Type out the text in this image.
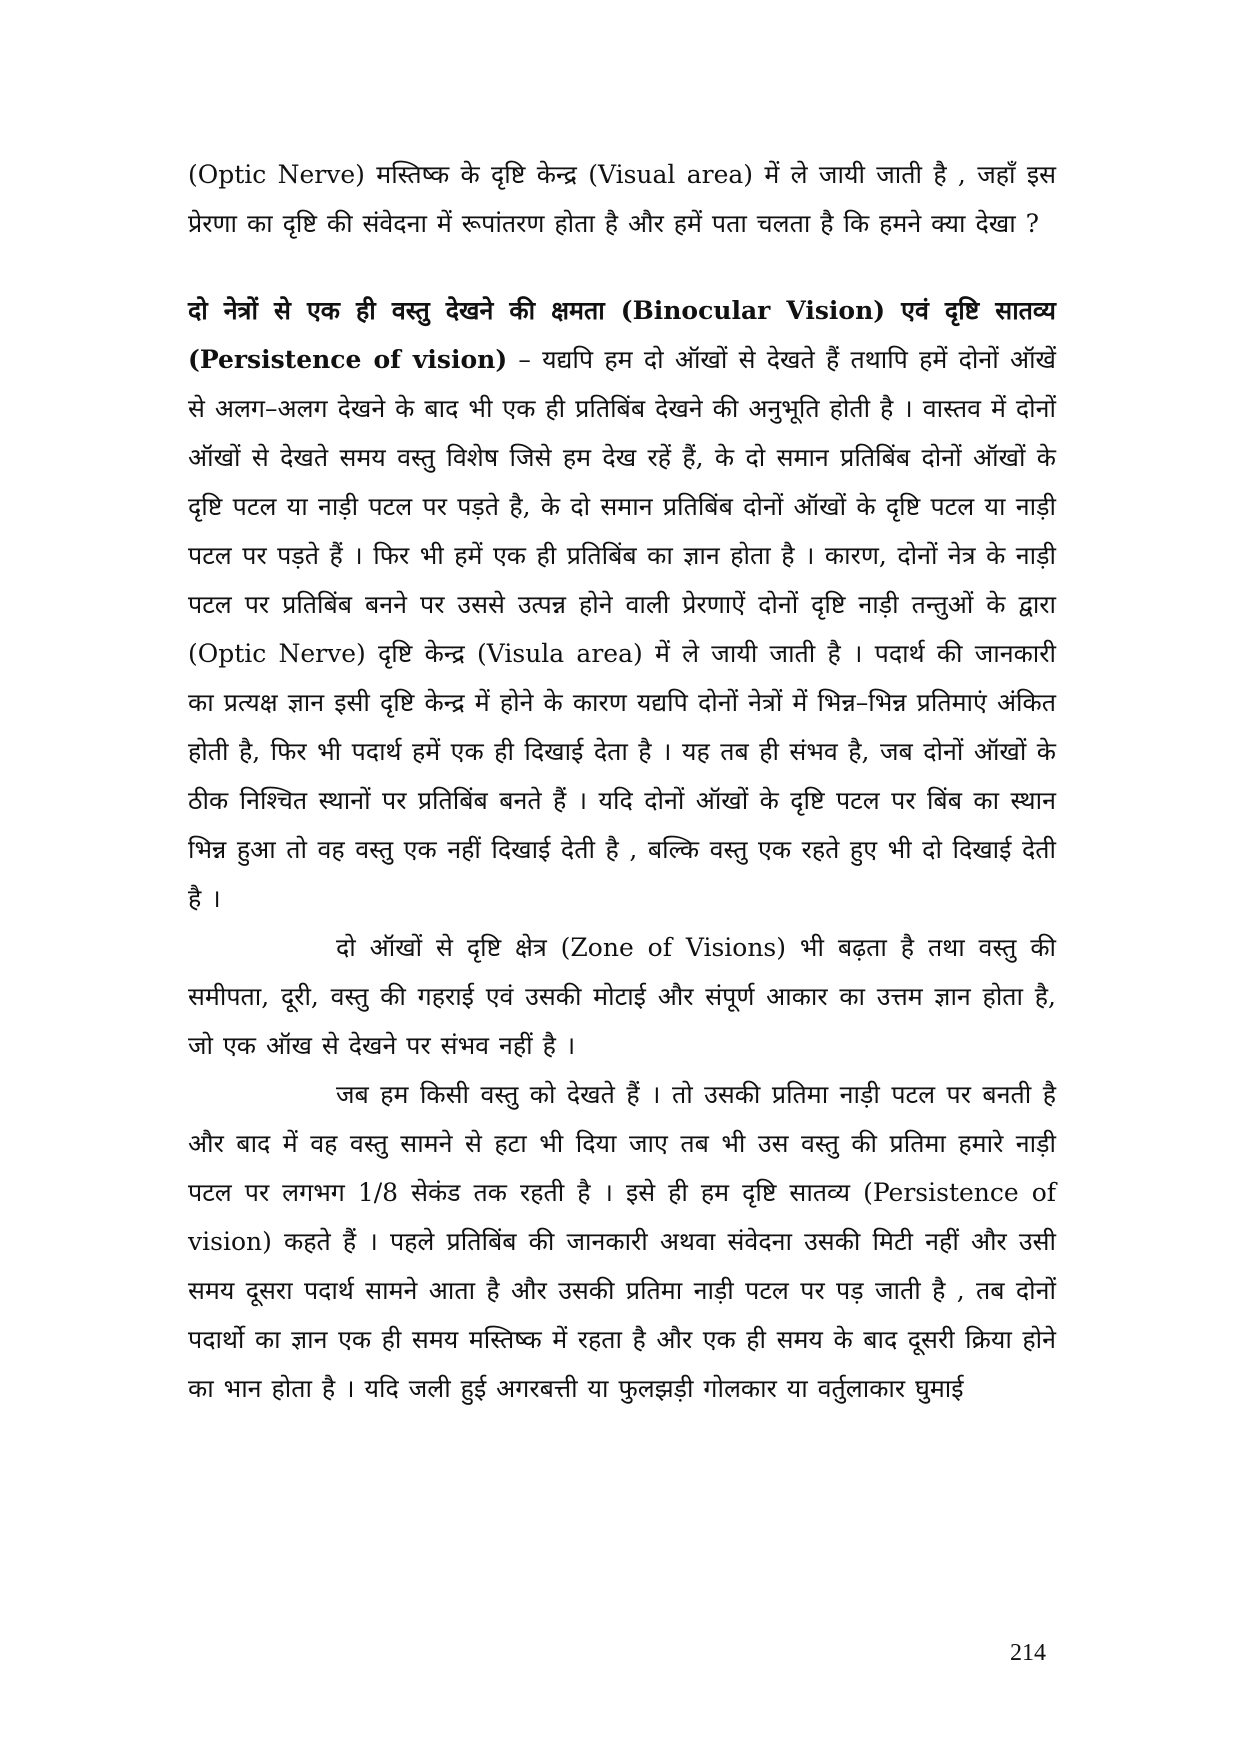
(Optic Nerve) मस्तिष्क के दृष्टि केन्द्र (Visual area) में ले जायी जाती है , जहॉं इस प्रेरणा का दृष्टि की संवेदना में रूपांतरण होता है और हमें पता चलता है कि हमने क्या देखा ?

दो नेत्रों से एक ही वस्तु देखने की क्षमता (Binocular Vision) एवं दृष्टि सातव्य (Persistence of vision) – यद्यपि हम दो ऑखों से देखते हैं तथापि हमें दोनों ऑखें से अलग–अलग देखने के बाद भी एक ही प्रतिबिंब देखने की अनुभूति होती है । वास्तव में दोनों ऑखों से देखते समय वस्तु विशेष जिसे हम देख रहें हैं, के दो समान प्रतिबिंब दोनों ऑखों के दृष्टि पटल या नाड़ी पटल पर पड़ते है, के दो समान प्रतिबिंब दोनों ऑखों के दृष्टि पटल या नाड़ी पटल पर पड़ते हैं । फिर भी हमें एक ही प्रतिबिंब का ज्ञान होता है । कारण, दोनों नेत्र के नाड़ी पटल पर प्रतिबिंब बनने पर उससे उत्पन्न होने वाली प्रेरणाऐं दोनों दृष्टि नाड़ी तन्तुओं के द्वारा (Optic Nerve) दृष्टि केन्द्र (Visula area) में ले जायी जाती है । पदार्थ की जानकारी का प्रत्यक्ष ज्ञान इसी दृष्टि केन्द्र में होने के कारण यद्यपि दोनों नेत्रों में भिन्न–भिन्न प्रतिमाएं अंकित होती है, फिर भी पदार्थ हमें एक ही दिखाई देता है । यह तब ही संभव है, जब दोनों ऑखों के ठीक निश्चित स्थानों पर प्रतिबिंब बनते हैं । यदि दोनों ऑखों के दृष्टि पटल पर बिंब का स्थान भिन्न हुआ तो वह वस्तु एक नहीं दिखाई देती है , बल्कि वस्तु एक रहते हुए भी दो दिखाई देती है ।

दो ऑखों से दृष्टि क्षेत्र (Zone of Visions) भी बढ़ता है तथा वस्तु की समीपता, दूरी, वस्तु की गहराई एवं उसकी मोटाई और संपूर्ण आकार का उत्तम ज्ञान होता है, जो एक ऑख से देखने पर संभव नहीं है ।

जब हम किसी वस्तु को देखते हैं । तो उसकी प्रतिमा नाड़ी पटल पर बनती है और बाद में वह वस्तु सामने से हटा भी दिया जाए तब भी उस वस्तु की प्रतिमा हमारे नाड़ी पटल पर लगभग 1/8 सेकंड तक रहती है । इसे ही हम दृष्टि सातव्य (Persistence of vision) कहते हैं । पहले प्रतिबिंब की जानकारी अथवा संवेदना उसकी मिटी नहीं और उसी समय दूसरा पदार्थ सामने आता है और उसकी प्रतिमा नाड़ी पटल पर पड़ जाती है , तब दोनों पदार्थो का ज्ञान एक ही समय मस्तिष्क में रहता है और एक ही समय के बाद दूसरी क्रिया होने का भान होता है । यदि जली हुई अगरबत्ती या फुलझड़ी गोलकार या वर्तुलाकार घुमाई

214
